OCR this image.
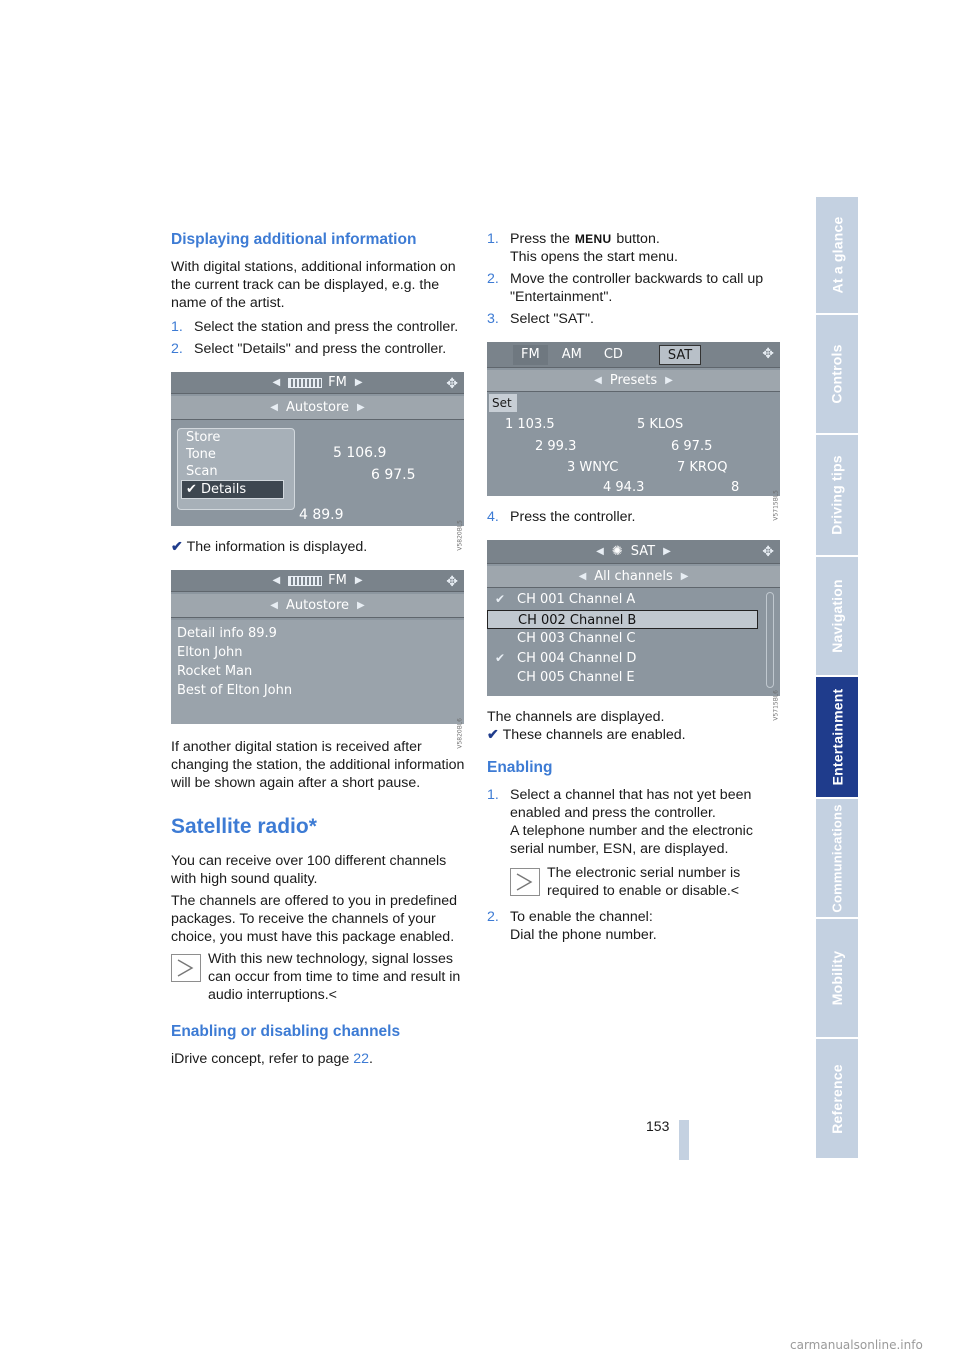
At a glance
Controls
Driving tips
Navigation
Entertainment
Communications
Mobility
Reference
Displaying additional information

With digital stations, additional information on the current track can be displayed, e.g. the name of the artist.

1. Select the station and press the controller.
2. Select "Details" and press the controller.
◀	FM ▶	✥
◀ Autostore ▶
5 106.9
6 97.5
4 89.9
Store
Tone
Scan
✔ Details
V5820BL5

✔ The information is displayed.

◀	FM ▶	✥
◀ Autostore ▶
Detail info 89.9
Elton John
Rocket Man
Best of Elton John
V5820BL6

If another digital station is received after changing the station, the additional information will be shown again after a short pause.

Satellite radio*

You can receive over 100 different channels with high sound quality.

The channels are offered to you in predefined packages. To receive the channels of your choice, you must have this package enabled.

With this new technology, signal losses can occur from time to time and result in audio interruptions.<
Enabling or disabling channels

iDrive concept, refer to page 22.

1. Press the MENU button.
This opens the start menu.
2. Move the controller backwards to call up "Entertainment".
3. Select "SAT".
FM	AM	CD	SAT	✥
◀ Presets ▶
Set
1 103.5	5 KLOS
2 99.3	6 97.5
3 WNYC	7 KROQ
4 94.3	8 100.5 V5715BL5
4. Press the controller.
◀ ✺ SAT ▶	✥
◀ All channels ▶
✔ CH 001 Channel A
CH 002 Channel B
CH 003 Channel C
✔ CH 004 Channel D
CH 005 Channel E
V5715BL6

The channels are displayed.

✔ These channels are enabled.

Enabling
1. Select a channel that has not yet been enabled and press the controller.
A telephone number and the electronic serial number, ESN, are displayed.
The electronic serial number is required to enable or disable.<
2. To enable the channel:
Dial the phone number.
153
carmanualsonline.info
